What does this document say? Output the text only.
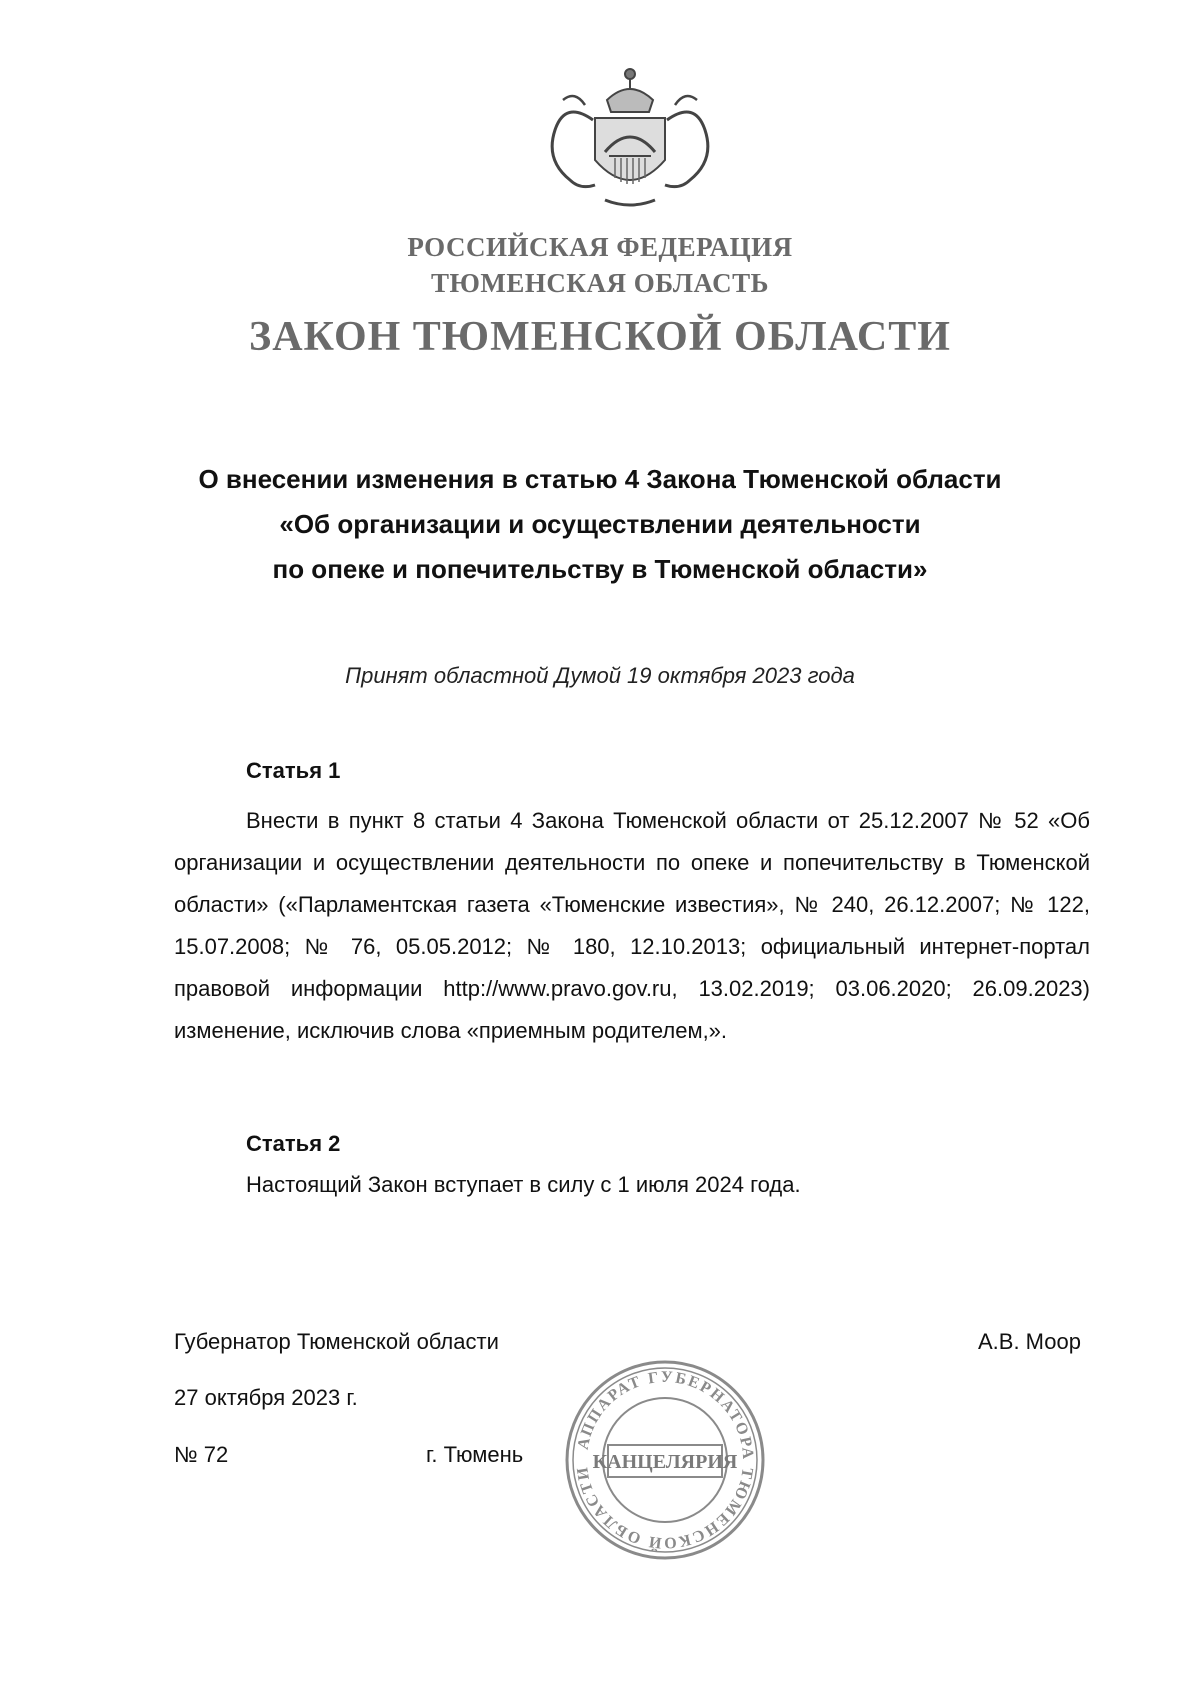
РОССИЙСКАЯ ФЕДЕРАЦИЯ
ТЮМЕНСКАЯ ОБЛАСТЬ
ЗАКОН ТЮМЕНСКОЙ ОБЛАСТИ
О внесении изменения в статью 4 Закона Тюменской области
«Об организации и осуществлении деятельности
по опеке и попечительству в Тюменской области»
Принят областной Думой 19 октября 2023 года
Статья 1
Внести в пункт 8 статьи 4 Закона Тюменской области от 25.12.2007 № 52 «Об организации и осуществлении деятельности по опеке и попечительству в Тюменской области» («Парламентская газета «Тюменские известия», № 240, 26.12.2007; № 122, 15.07.2008; № 76, 05.05.2012; № 180, 12.10.2013; официальный интернет-портал правовой информации http://www.pravo.gov.ru, 13.02.2019; 03.06.2020; 26.09.2023) изменение, исключив слова «приемным родителем,».
Статья 2
Настоящий Закон вступает в силу с 1 июля 2024 года.
Губернатор Тюменской области	А.В. Моор
27 октября 2023 г.
№ 72	г. Тюмень	АППАРАТ ГУБЕРНАТОРА ТЮМЕНСКОЙ ОБЛАСТИ КАНЦЕЛЯРИЯ
